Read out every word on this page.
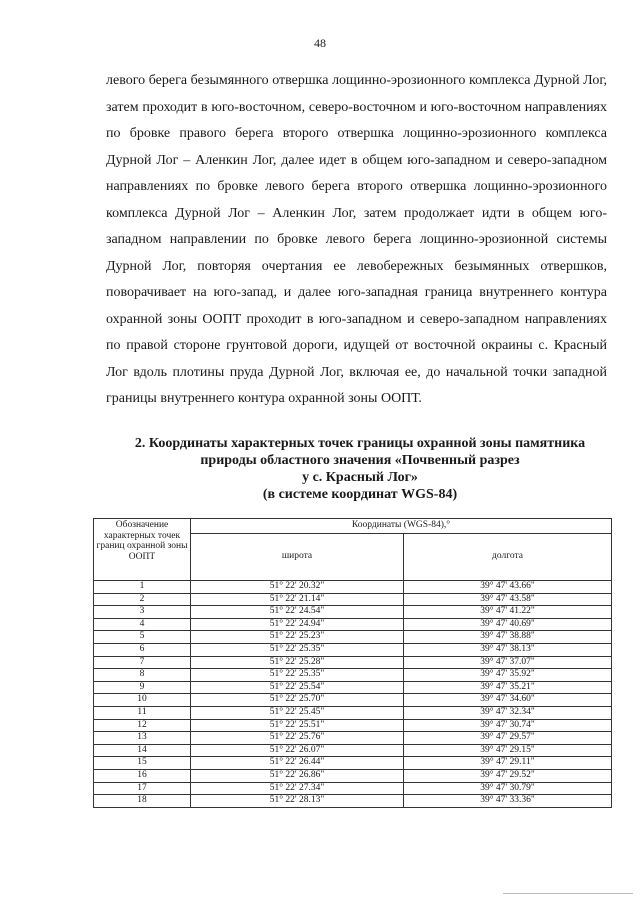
48
левого берега безымянного отвершка лощинно-эрозионного комплекса Дурной Лог, затем проходит в юго-восточном, северо-восточном и юго-восточном направлениях по бровке правого берега второго отвершка лощинно-эрозионного комплекса Дурной Лог – Аленкин Лог, далее идет в общем юго-западном и северо-западном направлениях по бровке левого берега второго отвершка лощинно-эрозионного комплекса Дурной Лог – Аленкин Лог, затем продолжает идти в общем юго-западном направлении по бровке левого берега лощинно-эрозионной системы Дурной Лог, повторяя очертания ее левобережных безымянных отвершков, поворачивает на юго-запад, и далее юго-западная граница внутреннего контура охранной зоны ООПТ проходит в юго-западном и северо-западном направлениях по правой стороне грунтовой дороги, идущей от восточной окраины с. Красный Лог вдоль плотины пруда Дурной Лог, включая ее, до начальной точки западной границы внутреннего контура охранной зоны ООПТ.
2. Координаты характерных точек границы охранной зоны памятника
природы областного значения «Почвенный разрез
у с. Красный Лог»
(в системе координат WGS-84)
Обозначение характерных точек границ охранной зоны ООПТ	Координаты (WGS-84),°	
	широта	долгота
1	51° 22' 20.32"	39° 47' 43.66"
2	51° 22' 21.14"	39° 47' 43.58"
3	51° 22' 24.54"	39° 47' 41.22"
4	51° 22' 24.94"	39° 47' 40.69"
5	51° 22' 25.23"	39° 47' 38.88"
6	51° 22' 25.35"	39° 47' 38.13"
7	51° 22' 25.28"	39° 47' 37.07"
8	51° 22' 25.35"	39° 47' 35.92"
9	51° 22' 25.54"	39° 47' 35.21"
10	51° 22' 25.70"	39° 47' 34.60"
11	51° 22' 25.45"	39° 47' 32.34"
12	51° 22' 25.51"	39° 47' 30.74"
13	51° 22' 25.76"	39° 47' 29.57"
14	51° 22' 26.07"	39° 47' 29.15"
15	51° 22' 26.44"	39° 47' 29.11"
16	51° 22' 26.86"	39° 47' 29.52"
17	51° 22' 27.34"	39° 47' 30.79"
18	51° 22' 28.13"	39° 47' 33.36"
